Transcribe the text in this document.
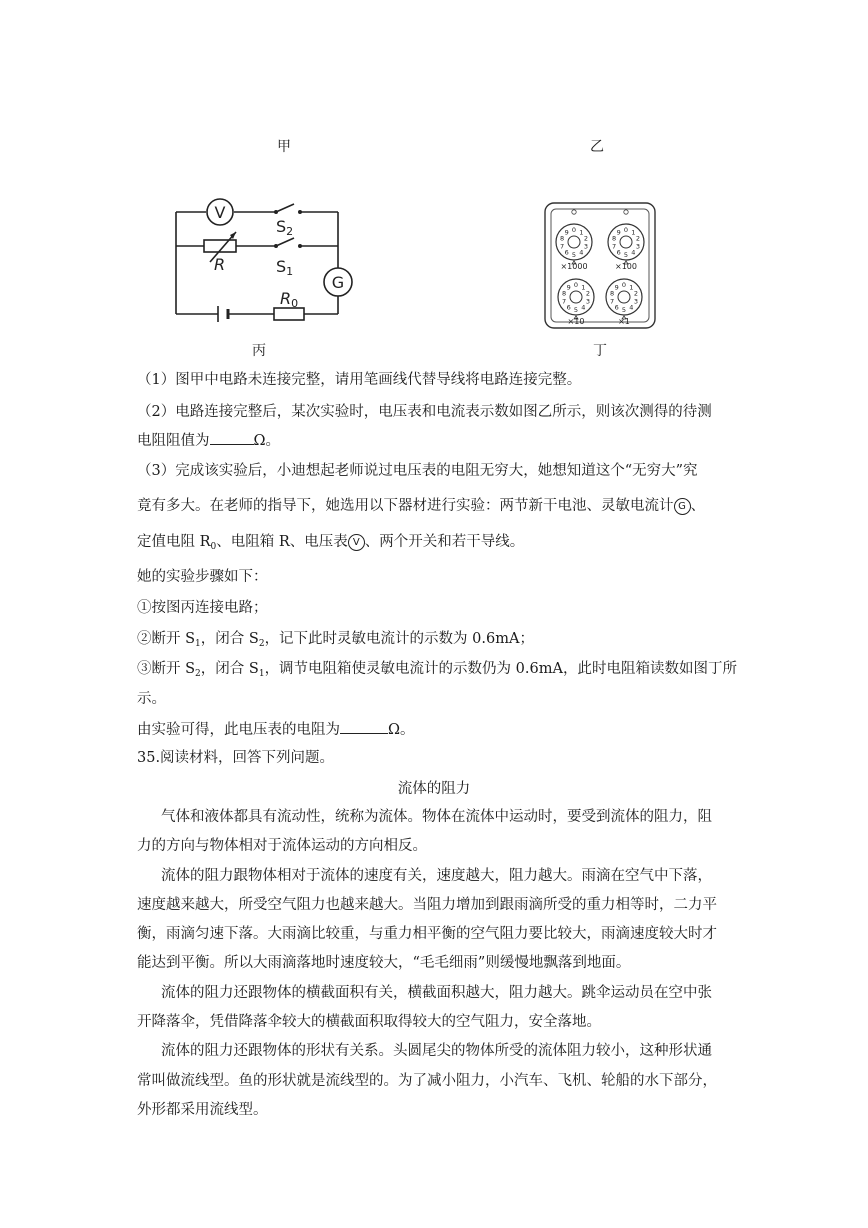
甲	乙
丙	丁
V
G
S2
S1
R
R0
0 1
2
3
4
5
6
7
8
9	0 1
2
3
4
5
6
7
8
9
0 1
2
3
4
5
6
7
8
9	0 1
2
3
4
5
6
7
8
9
×1000	×100
×10	×1
（1）图甲中电路未连接完整，请用笔画线代替导线将电路连接完整。
（2）电路连接完整后，某次实验时，电压表和电流表示数如图乙所示，则该次测得的待测
电阻阻值为	Ω。
（3）完成该实验后，小迪想起老师说过电压表的电阻无穷大，她想知道这个“无穷大”究
竟有多大。在老师的指导下，她选用以下器材进行实验：两节新干电池、灵敏电流计 G 、
定值电阻 $R_0$、电阻箱 R、电压表 V 、两个开关和若干导线。
她的实验步骤如下：
①按图丙连接电路；
②断开 $S_1$，闭合 $S_2$，记下此时灵敏电流计的示数为 0.6mA；
③断开 $S_2$，闭合 $S_1$，调节电阻箱使灵敏电流计的示数仍为 0.6mA，此时电阻箱读数如图丁所
示。
由实验可得，此电压表的电阻为	Ω。
35.阅读材料，回答下列问题。
流体的阻力
气体和液体都具有流动性，统称为流体。物体在流体中运动时，要受到流体的阻力，阻
力的方向与物体相对于流体运动的方向相反。
流体的阻力跟物体相对于流体的速度有关，速度越大，阻力越大。雨滴在空气中下落，
速度越来越大，所受空气阻力也越来越大。当阻力增加到跟雨滴所受的重力相等时，二力平
衡，雨滴匀速下落。大雨滴比较重，与重力相平衡的空气阻力要比较大，雨滴速度较大时才
能达到平衡。所以大雨滴落地时速度较大，“毛毛细雨”则缓慢地飘落到地面。
流体的阻力还跟物体的横截面积有关，横截面积越大，阻力越大。跳伞运动员在空中张
开降落伞，凭借降落伞较大的横截面积取得较大的空气阻力，安全落地。
流体的阻力还跟物体的形状有关系。头圆尾尖的物体所受的流体阻力较小，这种形状通
常叫做流线型。鱼的形状就是流线型的。为了减小阻力，小汽车、飞机、轮船的水下部分，
外形都采用流线型。
